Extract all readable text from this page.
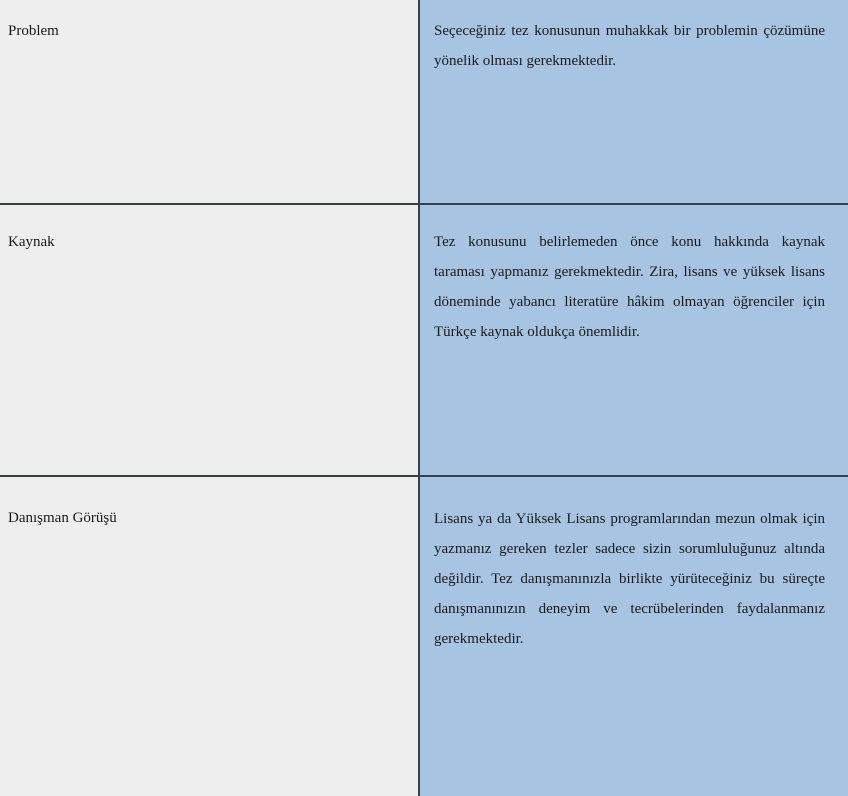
Problem	Seçeceğiniz tez konusunun muhakkak bir problemin çözümüne yönelik olması gerekmektedir.

Kaynak	Tez konusunu belirlemeden önce konu hakkında kaynak taraması yapmanız gerekmektedir. Zira, lisans ve yüksek lisans döneminde yabancı literatüre hâkim olmayan öğrenciler için Türkçe kaynak oldukça önemlidir.

Danışman Görüşü	Lisans ya da Yüksek Lisans programlarından mezun olmak için yazmanız gereken tezler sadece sizin sorumluluğunuz altında değildir. Tez danışmanınızla birlikte yürüteceğiniz bu süreçte danışmanınızın deneyim ve tecrübelerinden faydalanmanız gerekmektedir.
